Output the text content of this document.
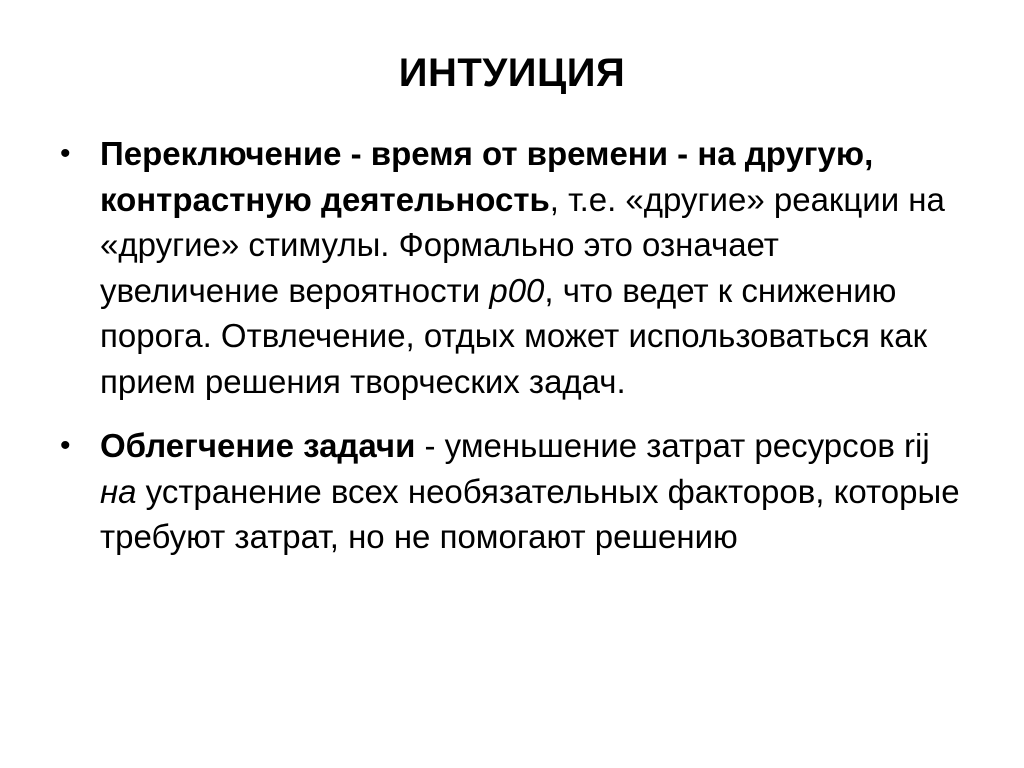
ИНТУИЦИЯ
• Переключение - время от времени - на другую, контрастную деятельность, т.е. «другие» реакции на «другие» стимулы. Формально это означает увеличение вероятности p00, что ведет к снижению порога. Отвлечение, отдых может использоваться как прием решения творческих задач.
• Облегчение задачи - уменьшение затрат ресурсов rij на устранение всех необязательных факторов, которые требуют затрат, но не помогают решению
